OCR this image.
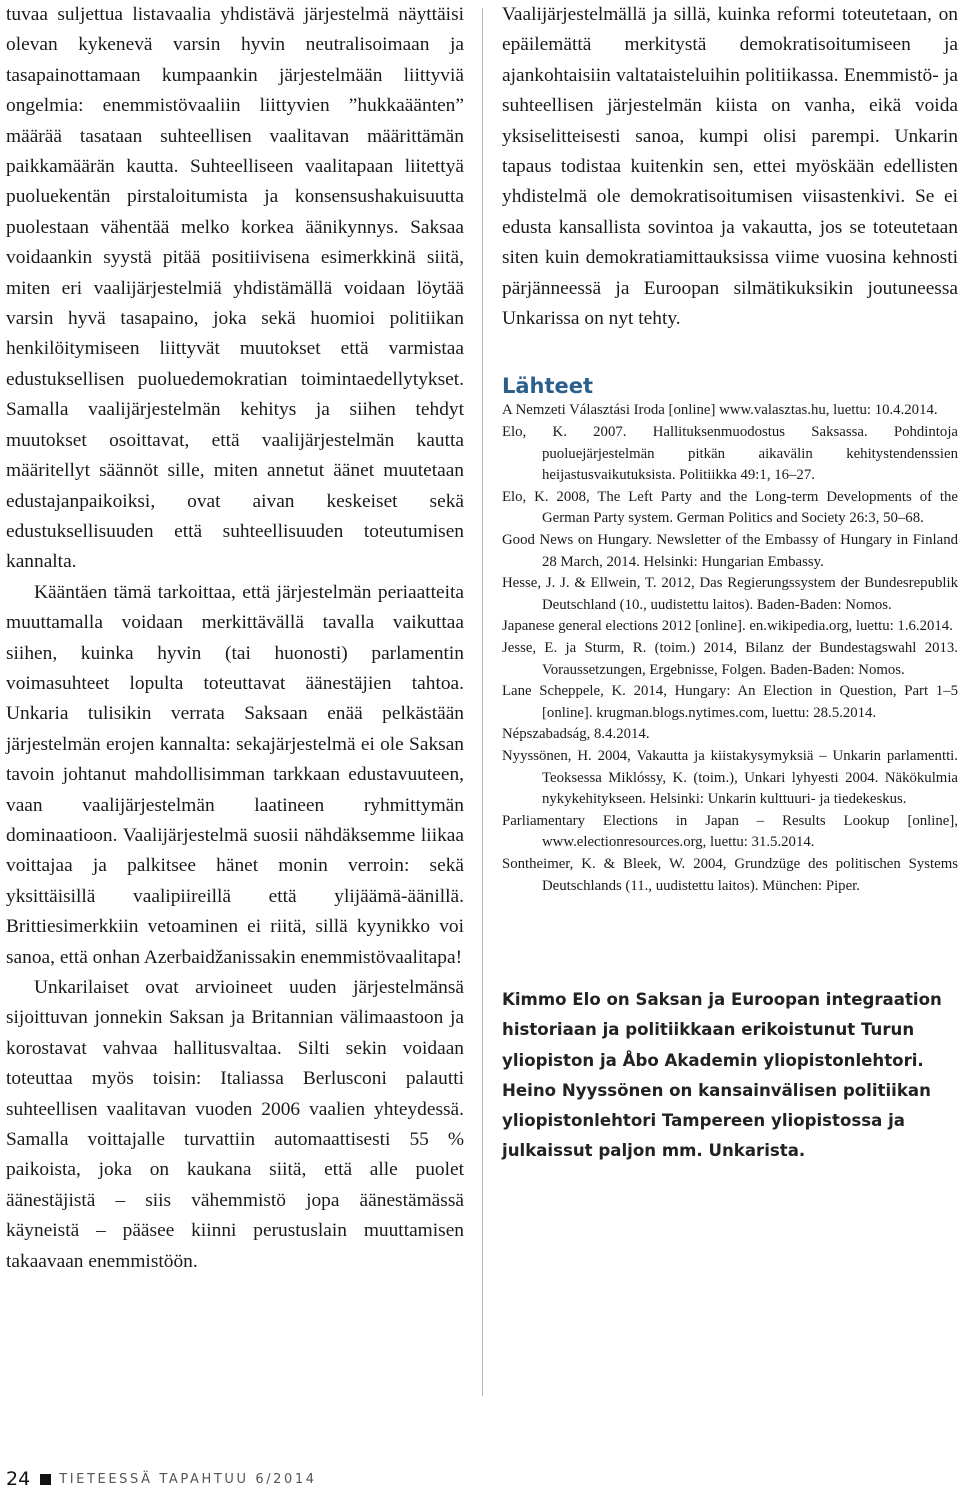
tuvaa suljettua listavaalia yhdistävä järjestelmä näyttäisi olevan kykenevä varsin hyvin neutralisoimaan ja tasapainottamaan kumpaankin järjestelmään liittyviä ongelmia: enemmistövaaliin liittyvien ”hukkaäänten” määrää tasataan suhteellisen vaalitavan määrittämän paikkamäärän kautta. Suhteelliseen vaalitapaan liitettyä puoluekentän pirstaloitumista ja konsensushakuisuutta puolestaan vähentää melko korkea äänikynnys. Saksaa voidaankin syystä pitää positiivisena esimerkkinä siitä, miten eri vaalijärjestelmiä yhdistämällä voidaan löytää varsin hyvä tasapaino, joka sekä huomioi politiikan henkilöitymiseen liittyvät muutokset että varmistaa edustuksellisen puoluedemokratian toimintaedellytykset. Samalla vaalijärjestelmän kehitys ja siihen tehdyt muutokset osoittavat, että vaalijärjestelmän kautta määritellyt säännöt sille, miten annetut äänet muutetaan edustajanpaikoiksi, ovat aivan keskeiset sekä edustuksellisuuden että suhteellisuuden toteutumisen kannalta.

Kääntäen tämä tarkoittaa, että järjestelmän periaatteita muuttamalla voidaan merkittävällä tavalla vaikuttaa siihen, kuinka hyvin (tai huonosti) parlamentin voimasuhteet lopulta toteuttavat äänestäjien tahtoa. Unkaria tulisikin verrata Saksaan enää pelkästään järjestelmän erojen kannalta: sekajärjestelmä ei ole Saksan tavoin johtanut mahdollisimman tarkkaan edustavuuteen, vaan vaalijärjestelmän laatineen ryhmittymän dominaatioon. Vaalijärjestelmä suosii nähdäksemme liikaa voittajaa ja palkitsee hänet monin verroin: sekä yksittäisillä vaalipiireillä että ylijäämä-äänillä. Brittiesimerkkiin vetoaminen ei riitä, sillä kyynikko voi sanoa, että onhan Azerbaidžanissakin enemmistövaalitapa!

Unkarilaiset ovat arvioineet uuden järjestelmänsä sijoittuvan jonnekin Saksan ja Britannian välimaastoon ja korostavat vahvaa hallitusvaltaa. Silti sekin voidaan toteuttaa myös toisin: Italiassa Berlusconi palautti suhteellisen vaalitavan vuoden 2006 vaalien yhteydessä. Samalla voittajalle turvattiin automaattisesti 55 % paikoista, joka on kaukana siitä, että alle puolet äänestäjistä – siis vähemmistö jopa äänestämässä käyneistä – pääsee kiinni perustuslain muuttamisen takaavaan enemmistöön.

Vaalijärjestelmällä ja sillä, kuinka reformi toteutetaan, on epäilemättä merkitystä demokratisoitumiseen ja ajankohtaisiin valtataisteluihin politiikassa. Enemmistö- ja suhteellisen järjestelmän kiista on vanha, eikä voida yksiselitteisesti sanoa, kumpi olisi parempi. Unkarin tapaus todistaa kuitenkin sen, ettei myöskään edellisten yhdistelmä ole demokratisoitumisen viisastenkivi. Se ei edusta kansallista sovintoa ja vakautta, jos se toteutetaan siten kuin demokratiamittauksissa viime vuosina kehnosti pärjänneessä ja Euroopan silmätikuksikin joutuneessa Unkarissa on nyt tehty.

Lähteet
A Nemzeti Választási Iroda [online] www.valasztas.hu, luettu: 10.4.2014.
Elo, K. 2007. Hallituksenmuodostus Saksassa. Pohdintoja puoluejärjestelmän pitkän aikavälin kehitystendenssien heijastusvaikutuksista. Politiikka 49:1, 16–27.
Elo, K. 2008, The Left Party and the Long-term Developments of the German Party system. German Politics and Society 26:3, 50–68.
Good News on Hungary. Newsletter of the Embassy of Hungary in Finland 28 March, 2014. Helsinki: Hungarian Embassy.
Hesse, J. J. & Ellwein, T. 2012, Das Regierungssystem der Bundesrepublik Deutschland (10., uudistettu laitos). Baden-Baden: Nomos.
Japanese general elections 2012 [online]. en.wikipedia.org, luettu: 1.6.2014.
Jesse, E. ja Sturm, R. (toim.) 2014, Bilanz der Bundestagswahl 2013. Voraussetzungen, Ergebnisse, Folgen. Baden-Baden: Nomos.
Lane Scheppele, K. 2014, Hungary: An Election in Question, Part 1–5 [online]. krugman.blogs.nytimes.com, luettu: 28.5.2014.
Népszabadság, 8.4.2014.
Nyyssönen, H. 2004, Vakautta ja kiistakysymyksiä – Unkarin parlamentti. Teoksessa Miklóssy, K. (toim.), Unkari lyhyesti 2004. Näkökulmia nykykehitykseen. Helsinki: Unkarin kulttuuri- ja tiedekeskus.
Parliamentary Elections in Japan – Results Lookup [online], www.electionresources.org, luettu: 31.5.2014.
Sontheimer, K. & Bleek, W. 2004, Grundzüge des politischen Systems Deutschlands (11., uudistettu laitos). München: Piper.
Kimmo Elo on Saksan ja Euroopan integraation historiaan ja politiikkaan erikoistunut Turun yliopiston ja Åbo Akademin yliopistonlehtori. Heino Nyyssönen on kansainvälisen politiikan yliopistonlehtori Tampereen yliopistossa ja julkaissut paljon mm. Unkarista.
24 TIETEESSÄ TAPAHTUU 6/2014
